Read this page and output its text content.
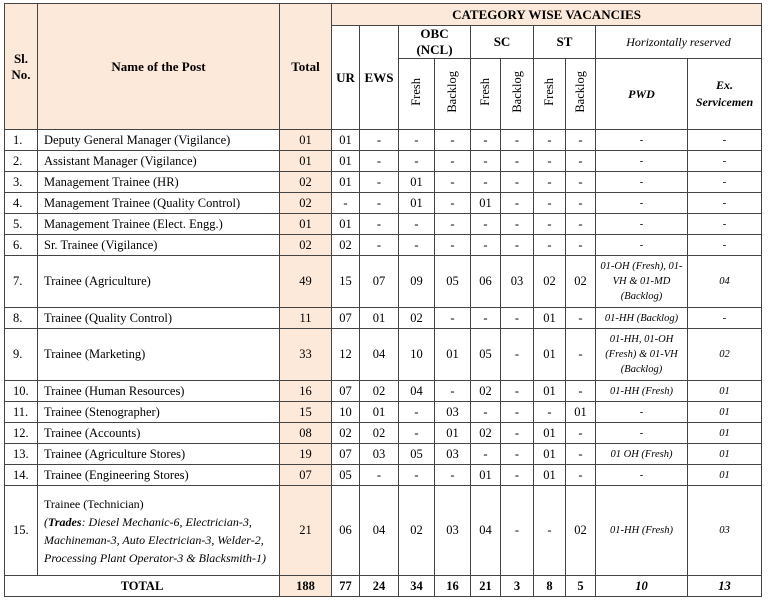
Sl. No.	Name of the Post	Total	CATEGORY WISE VACANCIES									
			UR	EWS	OBC (NCL)		SC		ST		Horizontally reserved	
					Fresh	Backlog	Fresh	Backlog	Fresh	Backlog	PWD	Ex. Servicemen
1.	Deputy General Manager (Vigilance)	01	01	-	-	-	-	-	-	-	-	-
2.	Assistant Manager (Vigilance)	01	01	-	-	-	-	-	-	-	-	-
3.	Management Trainee (HR)	02	01	-	01	-	-	-	-	-	-	-
4.	Management Trainee (Quality Control)	02	-	-	01	-	01	-	-	-	-	-
5.	Management Trainee (Elect. Engg.)	01	01	-	-	-	-	-	-	-	-	-
6.	Sr. Trainee (Vigilance)	02	02	-	-	-	-	-	-	-	-	-
7.	Trainee (Agriculture)	49	15	07	09	05	06	03	02	02	01-OH (Fresh), 01-VH & 01-MD (Backlog)	04
8.	Trainee (Quality Control)	11	07	01	02	-	-	-	01	-	01-HH (Backlog)	-
9.	Trainee (Marketing)	33	12	04	10	01	05	-	01	-	01-HH, 01-OH (Fresh) & 01-VH (Backlog)	02
10.	Trainee (Human Resources)	16	07	02	04	-	02	-	01	-	01-HH (Fresh)	01
11.	Trainee (Stenographer)	15	10	01	-	03	-	-	-	01	-	01
12.	Trainee (Accounts)	08	02	02	-	01	02	-	01	-	-	01
13.	Trainee (Agriculture Stores)	19	07	03	05	03	-	-	01	-	01 OH (Fresh)	01
14.	Trainee (Engineering Stores)	07	05	-	-	-	01	-	01	-	-	01
15.	Trainee (Technician)
(Trades: Diesel Mechanic-6, Electrician-3, Machineman-3, Auto Electrician-3, Welder-2, Processing Plant Operator-3 & Blacksmith-1)	21	06	04	02	03	04	-	-	02	01-HH (Fresh)	03
TOTAL		188	77	24	34	16	21	3	8	5	10	13
